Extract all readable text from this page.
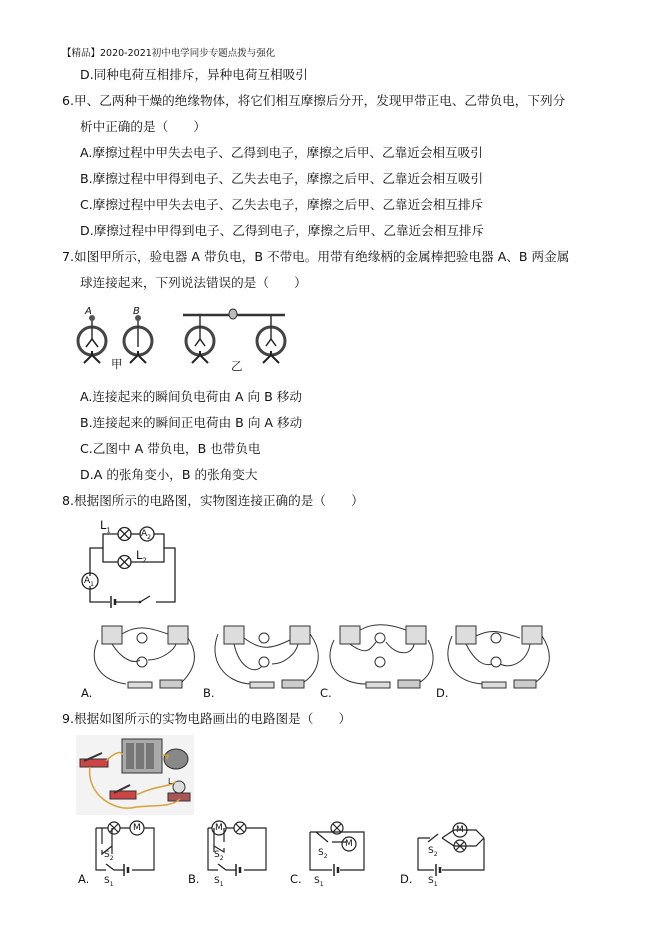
【精品】2020-2021初中电学同步专题点拨与强化
D.同种电荷互相排斥，异种电荷互相吸引
6.甲、乙两种干燥的绝缘物体，将它们相互摩擦后分开，发现甲带正电、乙带负电，下列分
析中正确的是（　　）
A.摩擦过程中甲失去电子、乙得到电子，摩擦之后甲、乙靠近会相互吸引
B.摩擦过程中甲得到电子、乙失去电子，摩擦之后甲、乙靠近会相互吸引
C.摩擦过程中甲失去电子、乙失去电子，摩擦之后甲、乙靠近会相互排斥
D.摩擦过程中甲得到电子、乙得到电子，摩擦之后甲、乙靠近会相互排斥
7.如图甲所示，验电器 A 带负电，B 不带电。用带有绝缘柄的金属棒把验电器 A、B 两金属
球连接起来，下列说法错误的是（　　）
A	B
甲	乙
A.连接起来的瞬间负电荷由 A 向 B 移动
B.连接起来的瞬间正电荷由 B 向 A 移动
C.乙图中 A 带负电，B 也带负电
D.A 的张角变小，B 的张角变大
8.根据图所示的电路图，实物图连接正确的是（　　）
$L_1$
$L_2$
$A_2$
$A_1$
A.	B.	C.	D.
9.根据如图所示的实物电路画出的电路图是（　　）
L
M
$S_2$
$S_1$
A.
M
$S_2$
$S_1$
B.
M
$S_2$
$S_1$
C.
M
$S_2$
$S_1$
D.
